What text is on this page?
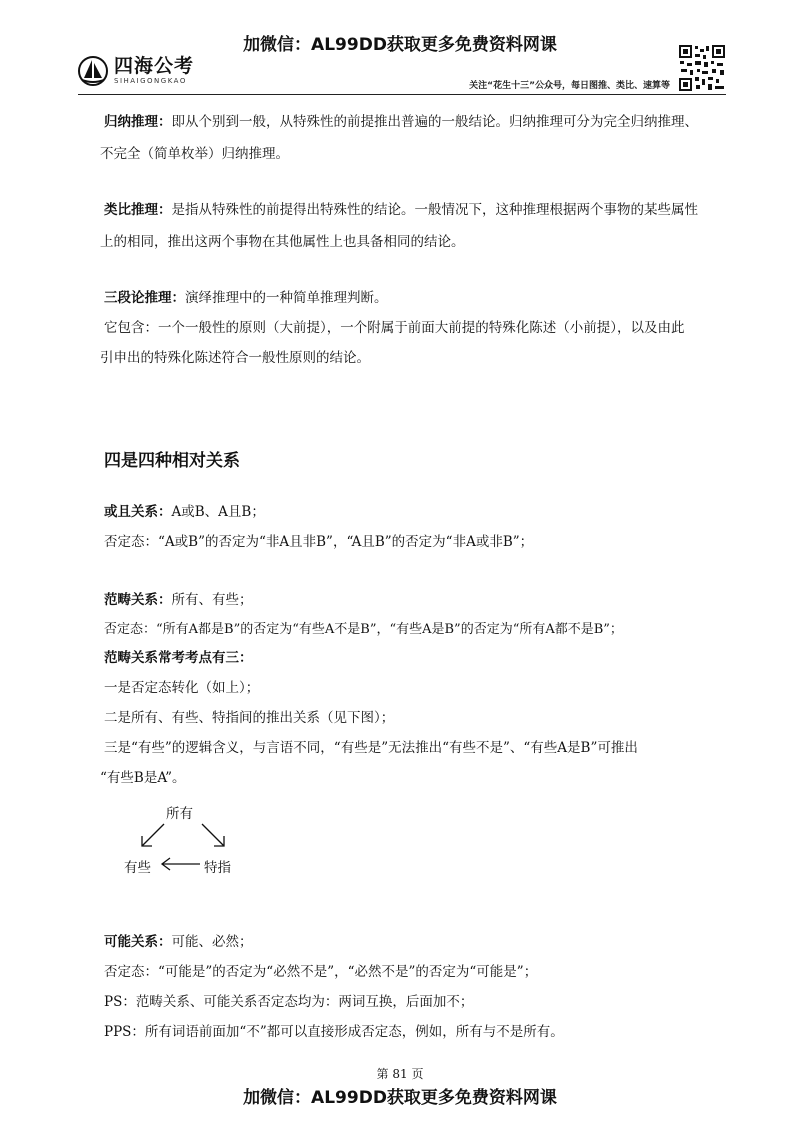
加微信：AL99DD获取更多免费资料网课
四海公考
SIHAIGONGKAO	关注“花生十三”公众号，每日图推、类比、速算等
归纳推理：即从个别到一般，从特殊性的前提推出普遍的一般结论。归纳推理可分为完全归纳推理、
不完全（简单枚举）归纳推理。
类比推理：是指从特殊性的前提得出特殊性的结论。一般情况下，这种推理根据两个事物的某些属性
上的相同，推出这两个事物在其他属性上也具备相同的结论。
三段论推理：演绎推理中的一种简单推理判断。
它包含：一个一般性的原则（大前提），一个附属于前面大前提的特殊化陈述（小前提），以及由此
引申出的特殊化陈述符合一般性原则的结论。
四是四种相对关系
或且关系：A或B、A且B；
否定态：“A或B”的否定为“非A且非B”，“A且B”的否定为“非A或非B”；
范畴关系：所有、有些；
否定态：“所有A都是B”的否定为“有些A不是B”，“有些A是B”的否定为“所有A都不是B”；
范畴关系常考考点有三：
一是否定态转化（如上）；
二是所有、有些、特指间的推出关系（见下图）；
三是“有些”的逻辑含义，与言语不同，“有些是”无法推出“有些不是”、“有些A是B”可推出
“有些B是A”。
可能关系：可能、必然；
否定态：“可能是”的否定为“必然不是”，“必然不是”的否定为“可能是”；
PS：范畴关系、可能关系否定态均为：两词互换，后面加不；
PPS：所有词语前面加“不”都可以直接形成否定态，例如，所有与不是所有。
所有
有些	特指
第 81 页
加微信：AL99DD获取更多免费资料网课
